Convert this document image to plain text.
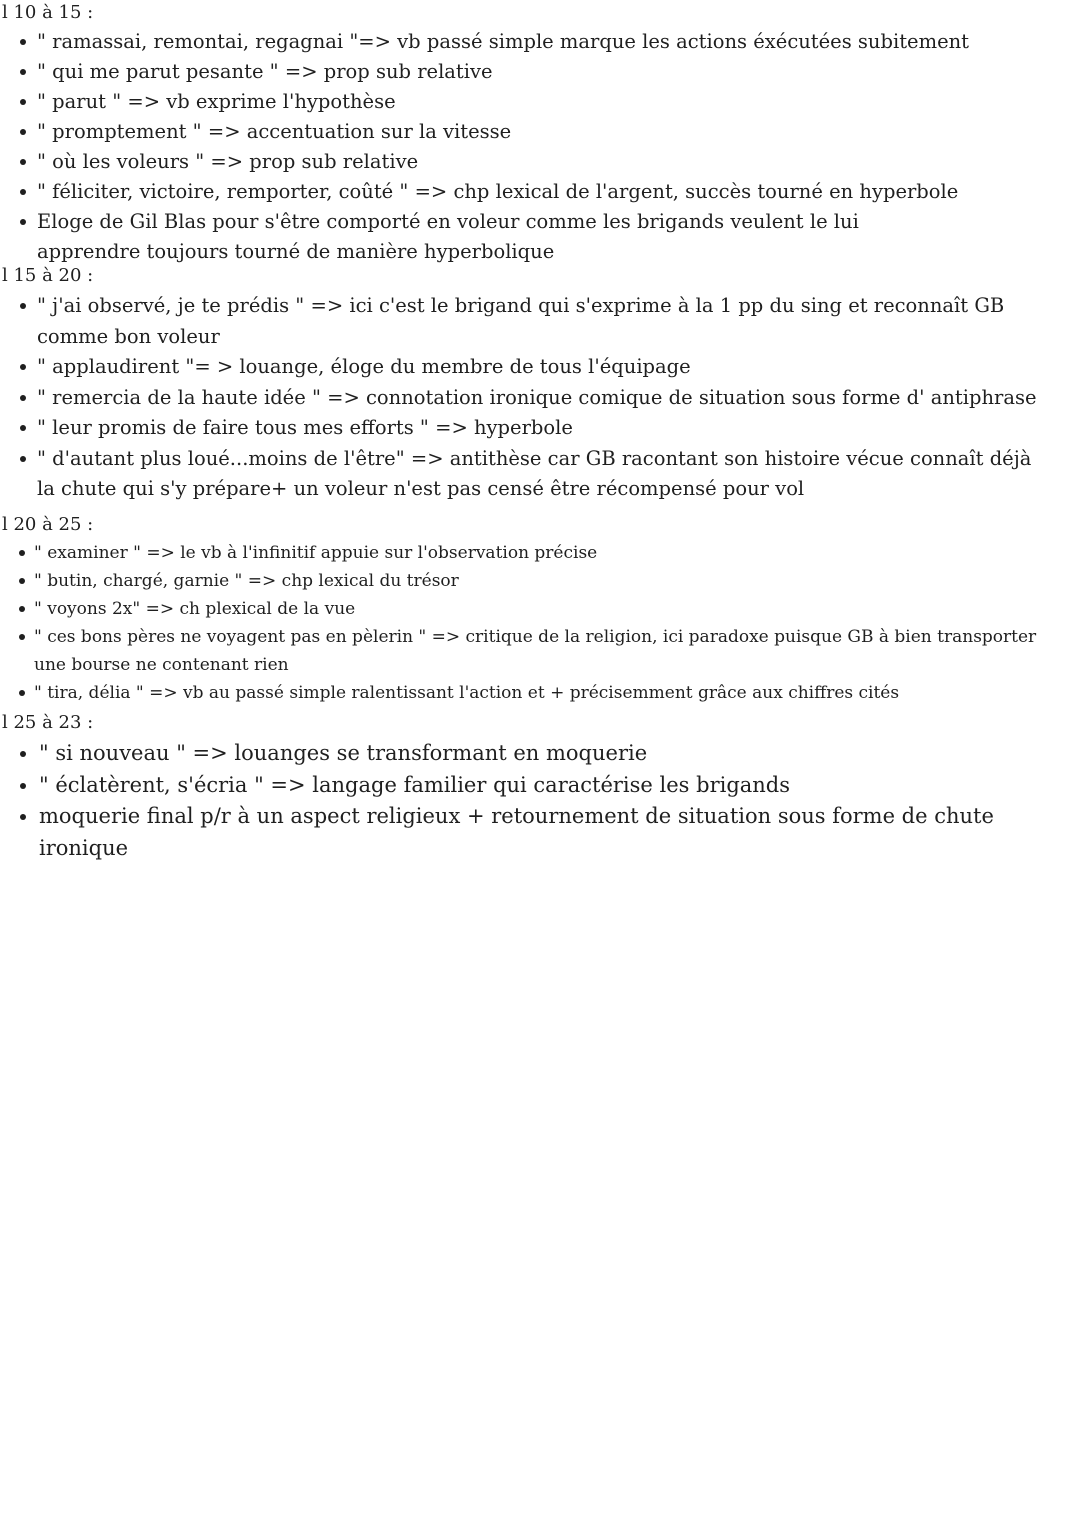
l 10 à 15 :
" ramassai, remontai, regagnai "=> vb passé simple marque les actions éxécutées subitement
" qui me parut pesante " => prop sub relative
" parut " => vb exprime l'hypothèse
" promptement " => accentuation sur la vitesse
" où les voleurs " => prop sub relative
" féliciter, victoire, remporter, coûté " => chp lexical de l'argent, succès tourné en hyperbole
Eloge de Gil Blas pour s'être comporté en voleur comme les brigands veulent le lui apprendre toujours tourné de manière hyperbolique
l 15 à 20 :
" j'ai observé, je te prédis " => ici c'est le brigand qui s'exprime à la 1 pp du sing et reconnaît GB comme bon voleur
" applaudirent "= > louange, éloge du membre de tous l'équipage
" remercia de la haute idée " => connotation ironique comique de situation sous forme d' antiphrase
" leur promis de faire tous mes efforts " => hyperbole
" d'autant plus loué...moins de l'être" => antithèse car GB racontant son histoire vécue connaît déjà la chute qui s'y prépare+ un voleur n'est pas censé être récompensé pour vol
l 20 à 25 :
" examiner " => le vb à l'infinitif appuie sur l'observation précise
" butin, chargé, garnie " => chp lexical du trésor
" voyons 2x" => ch plexical de la vue
" ces bons pères ne voyagent pas en pèlerin " => critique de la religion, ici paradoxe puisque GB à bien transporter une bourse ne contenant rien
" tira, délia " => vb au passé simple ralentissant l'action et + précisemment grâce aux chiffres cités
l 25 à 23 :
" si nouveau " => louanges se transformant en moquerie
" éclatèrent, s'écria " => langage familier qui caractérise les brigands
moquerie final p/r à un aspect religieux + retournement de situation sous forme de chute ironique
